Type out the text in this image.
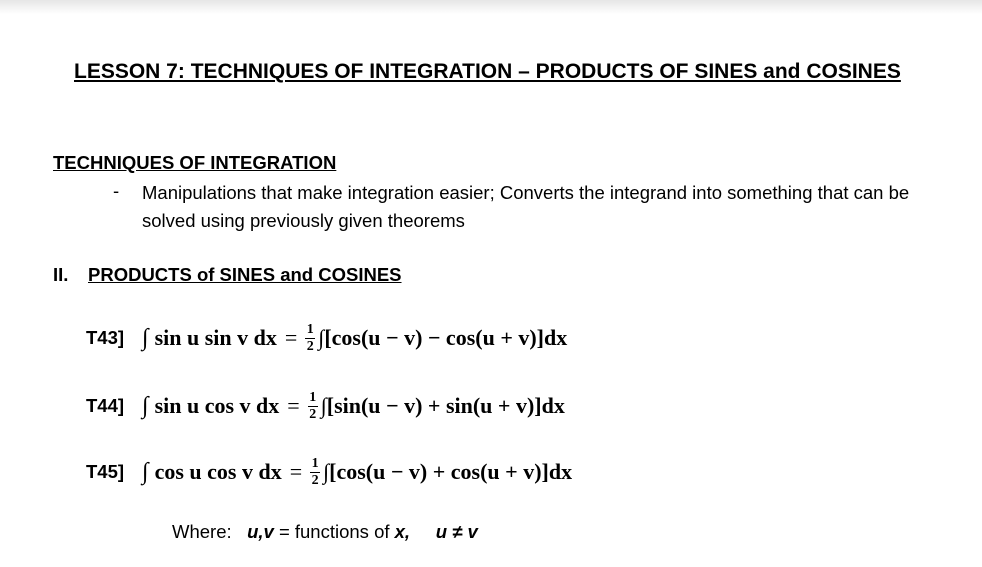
LESSON 7: TECHNIQUES OF INTEGRATION – PRODUCTS OF SINES and COSINES
TECHNIQUES OF INTEGRATION
- Manipulations that make integration easier; Converts the integrand into something that can be solved using previously given theorems
II. PRODUCTS of SINES and COSINES
T43] ∫ sin u sin v dx = $\frac{1}{2} \int[\cos(u - v) - \cos(u + v)]dx$
T44] ∫ sin u cos v dx = $\frac{1}{2} \int[\sin(u - v) + \sin(u + v)]dx$
T45] ∫ cos u cos v dx = $\frac{1}{2} \int[\cos(u - v) + \cos(u + v)]dx$
Where: u,v = functions of x, u ≠ v
